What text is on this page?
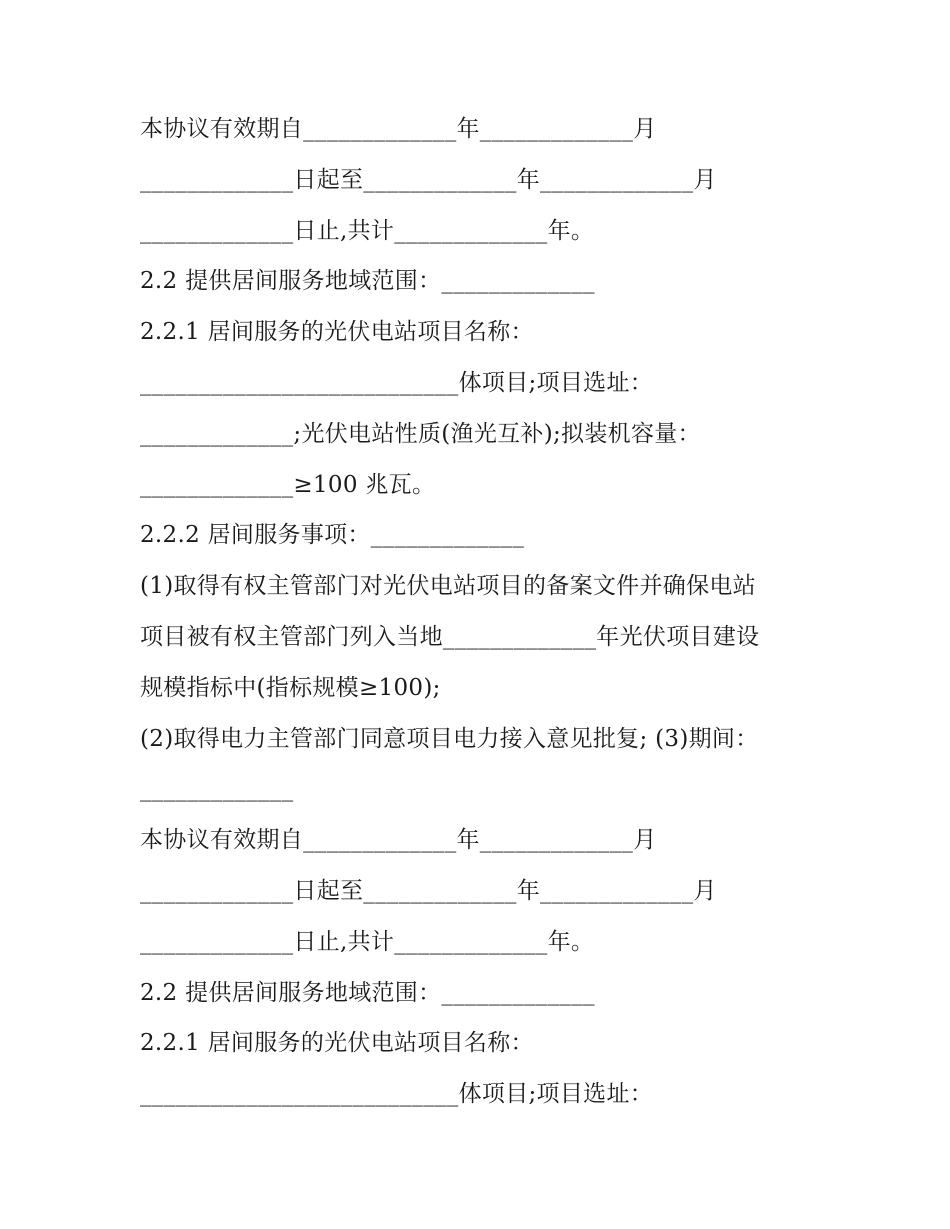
本协议有效期自_____________年_____________月
_____________日起至_____________年_____________月
_____________日止,共计_____________年。
2.2 提供居间服务地域范围：_____________
2.2.1 居间服务的光伏电站项目名称：
___________________________体项目;项目选址：
_____________;光伏电站性质(渔光互补);拟装机容量：
_____________≥100 兆瓦。
2.2.2 居间服务事项：_____________
(1)取得有权主管部门对光伏电站项目的备案文件并确保电站
项目被有权主管部门列入当地_____________年光伏项目建设
规模指标中(指标规模≥100);
(2)取得电力主管部门同意项目电力接入意见批复; (3)期间：
_____________
本协议有效期自_____________年_____________月
_____________日起至_____________年_____________月
_____________日止,共计_____________年。
2.2 提供居间服务地域范围：_____________
2.2.1 居间服务的光伏电站项目名称：
___________________________体项目;项目选址：
